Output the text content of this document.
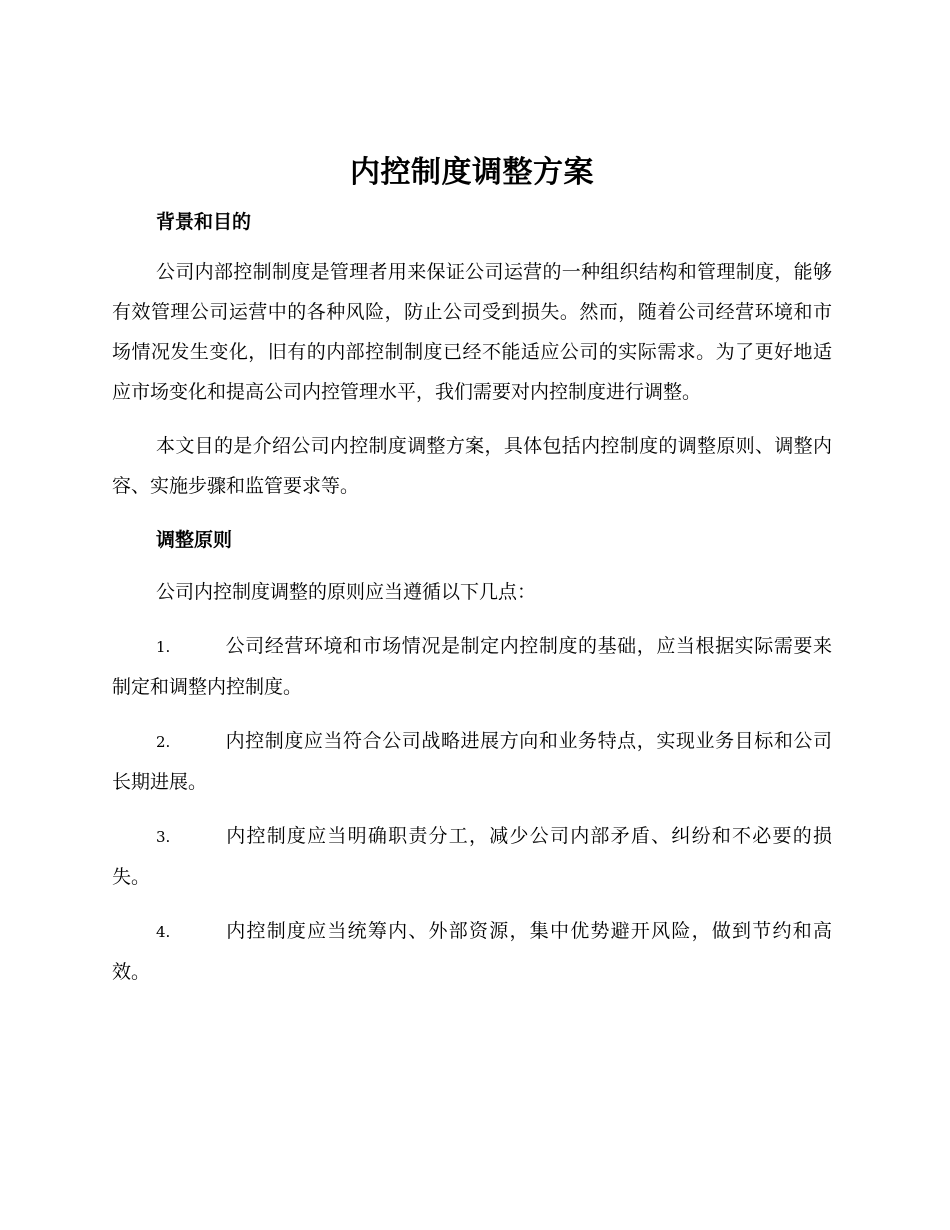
内控制度调整方案
背景和目的

公司内部控制制度是管理者用来保证公司运营的一种组织结构和管理制度，能够有效管理公司运营中的各种风险，防止公司受到损失。然而，随着公司经营环境和市场情况发生变化，旧有的内部控制制度已经不能适应公司的实际需求。为了更好地适应市场变化和提高公司内控管理水平，我们需要对内控制度进行调整。

本文目的是介绍公司内控制度调整方案，具体包括内控制度的调整原则、调整内容、实施步骤和监管要求等。

调整原则

公司内控制度调整的原则应当遵循以下几点：

1.	公司经营环境和市场情况是制定内控制度的基础，应当根据实际需要来制定和调整内控制度。

2.	内控制度应当符合公司战略进展方向和业务特点，实现业务目标和公司长期进展。

3.	内控制度应当明确职责分工，减少公司内部矛盾、纠纷和不必要的损失。

4.	内控制度应当统筹内、外部资源，集中优势避开风险，做到节约和高效。
